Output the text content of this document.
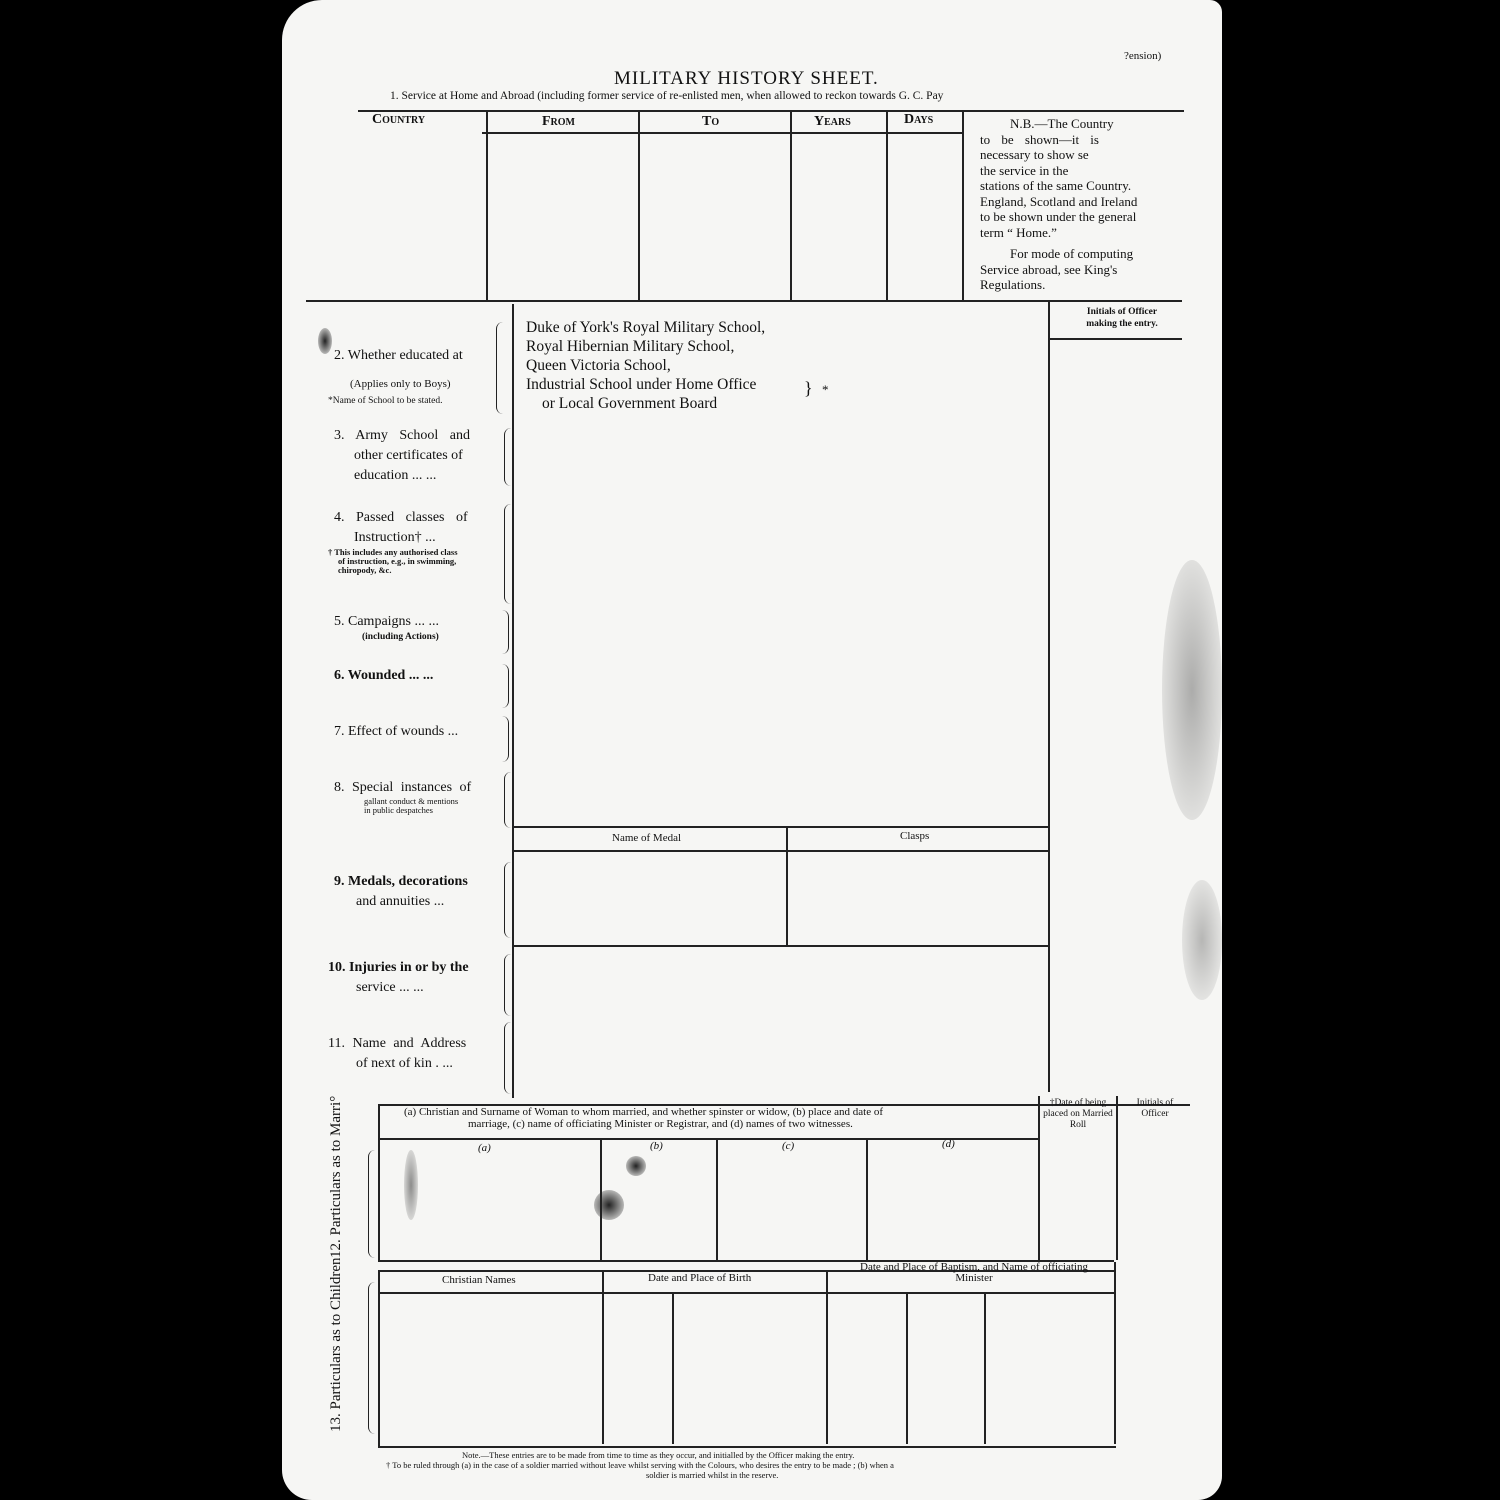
?ension)
MILITARY HISTORY SHEET.
1. Service at Home and Abroad (including former service of re-enlisted men, when allowed to reckon towards G. C. Pay
Country	From	To	Years	Days	N.B.—The Country
to be shown—it is
necessary to show se
the service in the
stations of the same Country.
England, Scotland and Ireland
to be shown under the general
term “ Home.”
For mode of computing
Service abroad, see King's
Regulations.
Initials of Officer making the entry.
Duke of York's Royal Military School,
Royal Hibernian Military School,
Queen Victoria School,
Industrial School under Home Office
or Local Government Board
} *
2. Whether educated at
(Applies only to Boys)
*Name of School to be stated.
3. Army School and
other certificates of
education ... ...
4. Passed classes of
Instruction† ...
† This includes any authorised class
of instruction, e.g., in swimming,
chiropody, &c.
5. Campaigns ... ...
(including Actions)
6. Wounded ... ...
7. Effect of wounds ...
8. Special instances of
gallant conduct & mentions
in public despatches
9. Medals, decorations
and annuities ...
10. Injuries in or by the
service ... ...
11. Name and Address
of next of kin . ...
Name of Medal	Clasps
12. Particulars as to Marri°	(a) Christian and Surname of Woman to whom married, and whether spinster or widow, (b) place and date of
marriage, (c) name of officiating Minister or Registrar, and (d) names of two witnesses.
(a)	(b)	(c)	(d)
†Date of being placed on Married Roll
Initials of Officer
13. Particulars as to Children	Christian Names	Date and Place of Birth
Date and Place of Baptism, and Name of officiating Minister
Note.—These entries are to be made from time to time as they occur, and initialled by the Officer making the entry.
† To be ruled through (a) in the case of a soldier married without leave whilst serving with the Colours, who desires the entry to be made ; (b) when a
soldier is married whilst in the reserve.
